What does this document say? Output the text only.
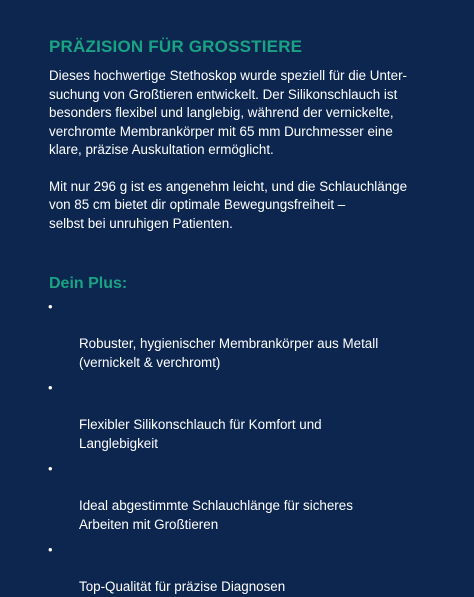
PRÄZISION FÜR GROSSTIERE

Dieses hochwertige Stethoskop wurde speziell für die Unter-
suchung von Großtieren entwickelt. Der Silikonschlauch ist
besonders flexibel und langlebig, während der vernickelte,
verchromte Membrankörper mit 65 mm Durchmesser eine
klare, präzise Auskultation ermöglicht.

Mit nur 296 g ist es angenehm leicht, und die Schlauchlänge
von 85 cm bietet dir optimale Bewegungsfreiheit –
selbst bei unruhigen Patienten.

Dein Plus:

•

Robuster, hygienischer Membrankörper aus Metall
(vernickelt & verchromt)

•

Flexibler Silikonschlauch für Komfort und
Langlebigkeit

•

Ideal abgestimmte Schlauchlänge für sicheres
Arbeiten mit Großtieren

•

Top-Qualität für präzise Diagnosen
